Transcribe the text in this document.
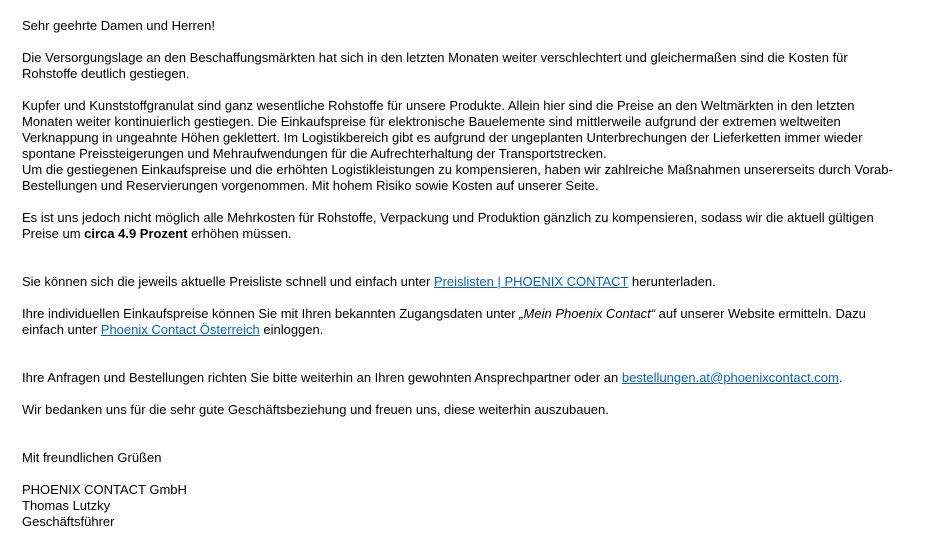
Sehr geehrte Damen und Herren!

Die Versorgungslage an den Beschaffungsmärkten hat sich in den letzten Monaten weiter verschlechtert und gleichermaßen sind die Kosten für Rohstoffe deutlich gestiegen.

Kupfer und Kunststoffgranulat sind ganz wesentliche Rohstoffe für unsere Produkte. Allein hier sind die Preise an den Weltmärkten in den letzten Monaten weiter kontinuierlich gestiegen. Die Einkaufspreise für elektronische Bauelemente sind mittlerweile aufgrund der extremen weltweiten Verknappung in ungeahnte Höhen geklettert. Im Logistikbereich gibt es aufgrund der ungeplanten Unterbrechungen der Lieferketten immer wieder spontane Preissteigerungen und Mehraufwendungen für die Aufrechterhaltung der Transportstrecken.

Um die gestiegenen Einkaufspreise und die erhöhten Logistikleistungen zu kompensieren, haben wir zahlreiche Maßnahmen unsererseits durch Vorab-Bestellungen und Reservierungen vorgenommen. Mit hohem Risiko sowie Kosten auf unserer Seite.

Es ist uns jedoch nicht möglich alle Mehrkosten für Rohstoffe, Verpackung und Produktion gänzlich zu kompensieren, sodass wir die aktuell gültigen Preise um circa 4.9 Prozent erhöhen müssen.

Sie können sich die jeweils aktuelle Preisliste schnell und einfach unter Preislisten | PHOENIX CONTACT herunterladen.

Ihre individuellen Einkaufspreise können Sie mit Ihren bekannten Zugangsdaten unter „Mein Phoenix Contact“ auf unserer Website ermitteln. Dazu einfach unter Phoenix Contact Österreich einloggen.

Ihre Anfragen und Bestellungen richten Sie bitte weiterhin an Ihren gewohnten Ansprechpartner oder an bestellungen.at@phoenixcontact.com.

Wir bedanken uns für die sehr gute Geschäftsbeziehung und freuen uns, diese weiterhin auszubauen.

Mit freundlichen Grüßen

PHOENIX CONTACT GmbH

Thomas Lutzky

Geschäftsführer
